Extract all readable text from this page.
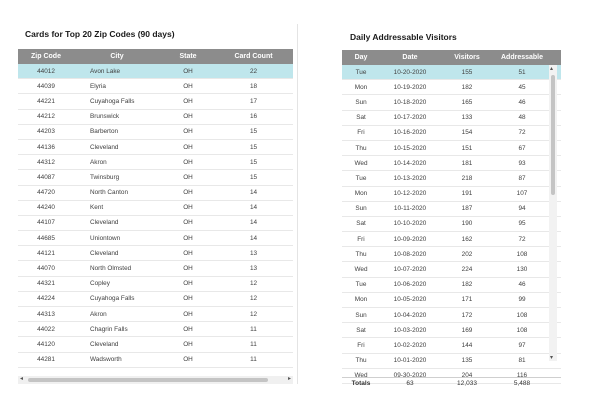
Cards for Top 20 Zip Codes (90 days)
Zip Code	City	State	Card Count
44012	Avon Lake	OH	22
44039	Elyria	OH	18
44221	Cuyahoga Falls	OH	17
44212	Brunswick	OH	16
44203	Barberton	OH	15
44136	Cleveland	OH	15
44312	Akron	OH	15
44087	Twinsburg	OH	15
44720	North Canton	OH	14
44240	Kent	OH	14
44107	Cleveland	OH	14
44685	Uniontown	OH	14
44121	Cleveland	OH	13
44070	North Olmsted	OH	13
44321	Copley	OH	12
44224	Cuyahoga Falls	OH	12
44313	Akron	OH	12
44022	Chagrin Falls	OH	11
44120	Cleveland	OH	11
44281	Wadsworth	OH	11
◂	▸
Daily Addressable Visitors
Day	Date	Visitors	Addressable
Tue	10-20-2020	155	51
Mon	10-19-2020	182	45
Sun	10-18-2020	165	46
Sat	10-17-2020	133	48
Fri	10-16-2020	154	72
Thu	10-15-2020	151	67
Wed	10-14-2020	181	93
Tue	10-13-2020	218	87
Mon	10-12-2020	191	107
Sun	10-11-2020	187	94
Sat	10-10-2020	190	95
Fri	10-09-2020	162	72
Thu	10-08-2020	202	108
Wed	10-07-2020	224	130
Tue	10-06-2020	182	46
Mon	10-05-2020	171	99
Sun	10-04-2020	172	108
Sat	10-03-2020	169	108
Fri	10-02-2020	144	97
Thu	10-01-2020	135	81
Wed	09-30-2020	204	116
▴
▾
Totals	63	12,033	5,488
